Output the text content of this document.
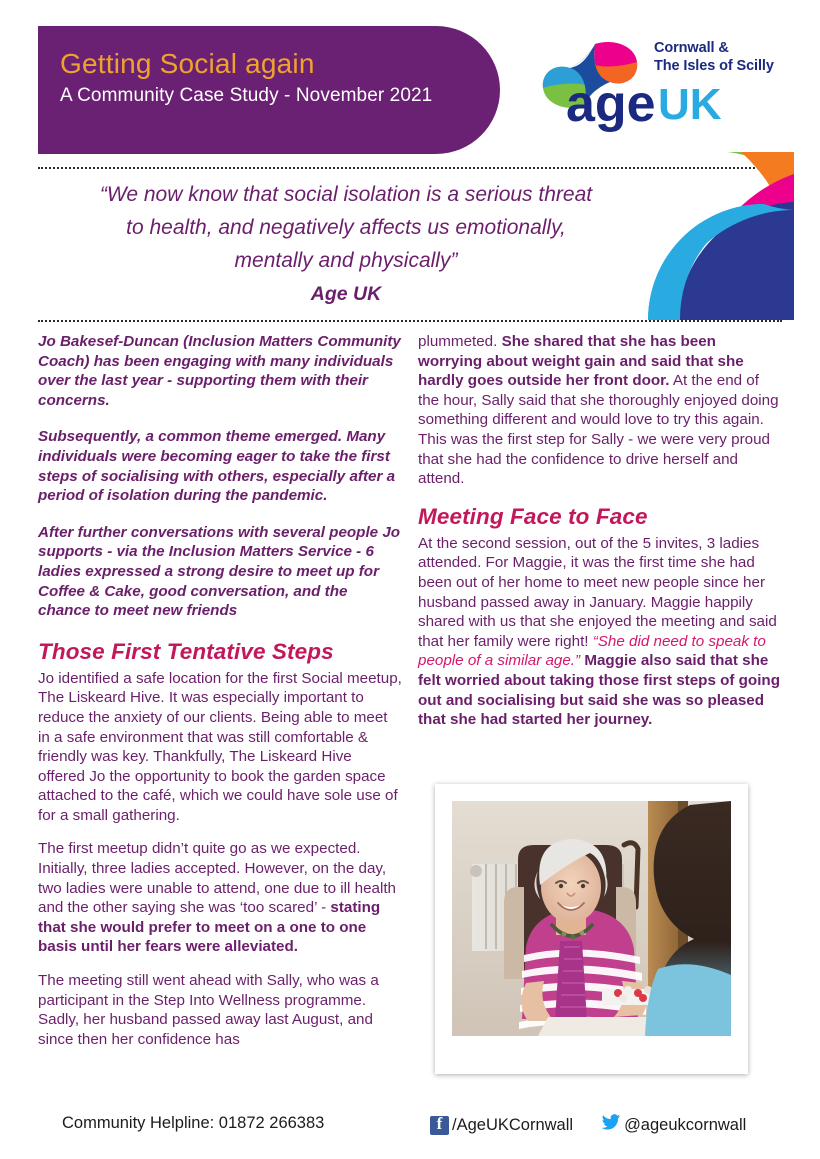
Getting Social again
A Community Case Study - November 2021
Cornwall &
The Isles of Scilly
age UK
“We now know that social isolation is a serious threat
to health, and negatively affects us emotionally,
mentally and physically”
Age UK

Jo Bakesef-Duncan (Inclusion Matters Community Coach) has been engaging with many individuals over the last year - supporting them with their concerns.

Subsequently, a common theme emerged. Many individuals were becoming eager to take the first steps of socialising with others, especially after a period of isolation during the pandemic.

After further conversations with several people Jo supports - via the Inclusion Matters Service - 6 ladies expressed a strong desire to meet up for Coffee & Cake, good conversation, and the chance to meet new friends

Those First Tentative Steps

Jo identified a safe location for the first Social meetup, The Liskeard Hive. It was especially important to reduce the anxiety of our clients. Being able to meet in a safe environment that was still comfortable & friendly was key. Thankfully, The Liskeard Hive offered Jo the opportunity to book the garden space attached to the café, which we could have sole use of for a small gathering.

The first meetup didn’t quite go as we expected. Initially, three ladies accepted. However, on the day, two ladies were unable to attend, one due to ill health and the other saying she was ‘too scared’ - stating that she would prefer to meet on a one to one basis until her fears were alleviated.

The meeting still went ahead with Sally, who was a participant in the Step Into Wellness programme. Sadly, her husband passed away last August, and since then her confidence has

plummeted. She shared that she has been worrying about weight gain and said that she hardly goes outside her front door. At the end of the hour, Sally said that she thoroughly enjoyed doing something different and would love to try this again. This was the first step for Sally - we were very proud that she had the confidence to drive herself and attend.

Meeting Face to Face

At the second session, out of the 5 invites, 3 ladies attended. For Maggie, it was the first time she had been out of her home to meet new people since her husband passed away in January. Maggie happily shared with us that she enjoyed the meeting and said that her family were right! “She did need to speak to people of a similar age.” Maggie also said that she felt worried about taking those first steps of going out and socialising but said she was so pleased that she had started her journey.

Community Helpline: 01872 266383 f	/AgeUKCornwall	@ageukcornwall
